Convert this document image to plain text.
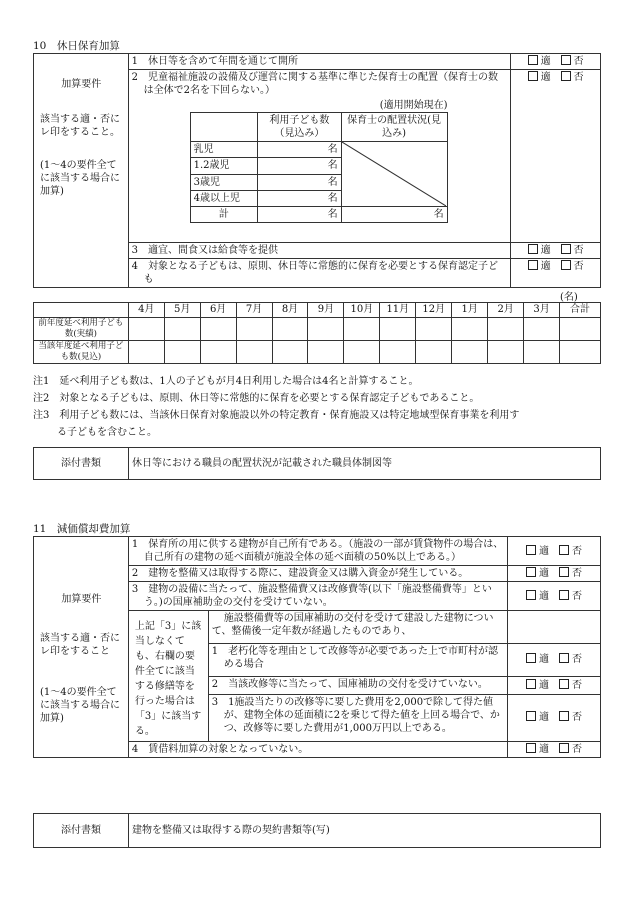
10　休日保育加算
加算要件
該当する適・否にレ印をすること。
(1～4の要件全てに該当する場合に加算)
	1　休日等を含めて年間を通じて開所	適　 否

2　児童福祉施設の設備及び運営に関する基準に準じた保育士の配置（保育士の数は全体で2名を下回らない。）
(適用開始現在)
	利用子ども数（見込み）	保育士の配置状況(見込み)
乳児	名	

1.2歳児	名
3歳児	名
4歳以上児	名
計	名	名
	適　 否
3　適宜、間食又は給食等を提供	適　 否
4　対象となる子どもは、原則、休日等に常態的に保育を必要とする保育認定子ども	適　 否
(名)
	4月	5月	6月	7月	8月	9月	10月	11月	12月	1月	2月	3月	合計
前年度延べ利用子ども数(実績)													
当該年度延べ利用子ども数(見込)													
注1　延べ利用子ども数は、1人の子どもが月4日利用した場合は4名と計算すること。
注2　対象となる子どもは、原則、休日等に常態的に保育を必要とする保育認定子どもであること。
注3　利用子ども数には、当該休日保育対象施設以外の特定教育・保育施設又は特定地域型保育事業を利用す
る子どもを含むこと。
添付書類	休日等における職員の配置状況が記載された職員体制図等
11　減価償却費加算
加算要件
該当する適・否にレ印をすること
(1～4の要件全てに該当する場合に加算)	1　保育所の用に供する建物が自己所有である。（施設の一部が賃貸物件の場合は、自己所有の建物の延べ面積が施設全体の延べ面積の50%以上である。）		適　 否
	2　建物を整備又は取得する際に、建設資金又は購入資金が発生している。		適　 否
	3　建物の設備に当たって、施設整備費又は改修費等(以下「施設整備費等」という。)の国庫補助金の交付を受けていない。		適　 否
	上記「3」に該当しなくても、右欄の要件全てに該当する修繕等を行った場合は「3」に該当する。	施設整備費等の国庫補助の交付を受けて建設した建物について、整備後一定年数が経過したものであり、	
		1　老朽化等を理由として改修等が必要であった上で市町村が認める場合	適　 否
		2　当該改修等に当たって、国庫補助の交付を受けていない。	適　 否
		3　1施設当たりの改修等に要した費用を2,000で除して得た値が、建物全体の延面積に2を乗じて得た値を上回る場合で、かつ、改修等に要した費用が1,000万円以上である。	適　 否
	4　賃借料加算の対象となっていない。		適　 否
添付書類	建物を整備又は取得する際の契約書類等(写)
